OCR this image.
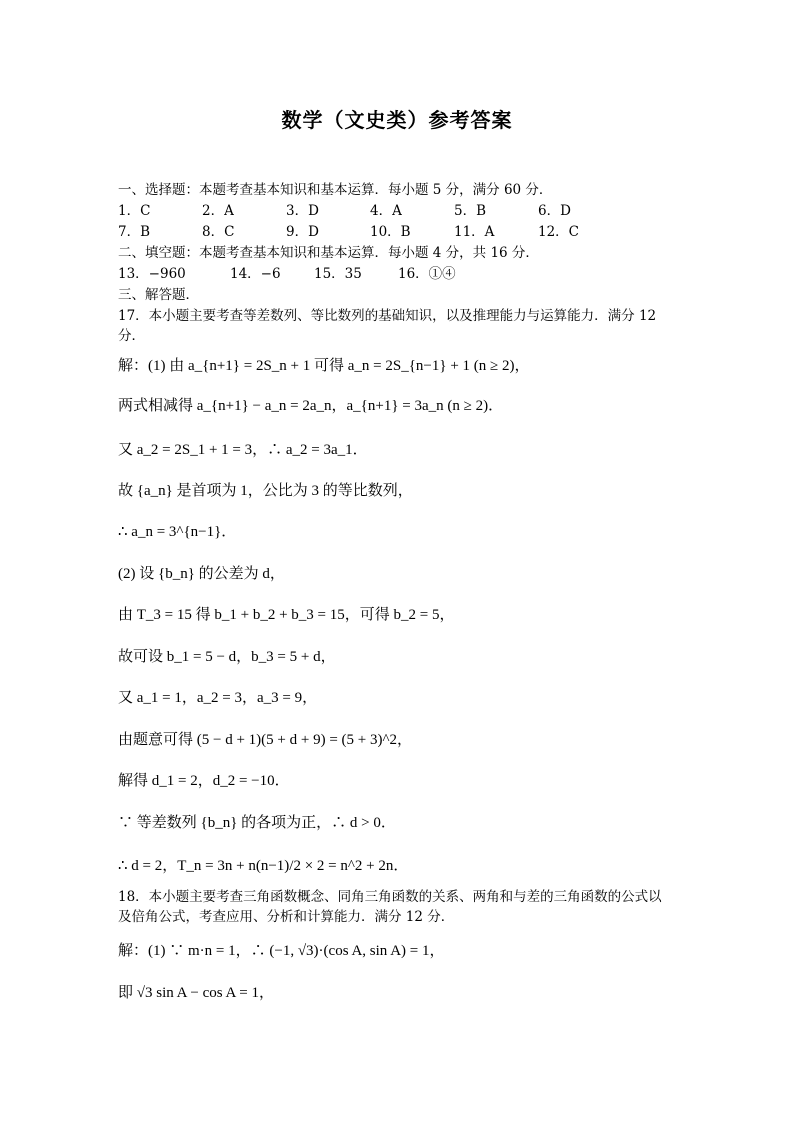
数学（文史类）参考答案
一、选择题：本题考查基本知识和基本运算．每小题 5 分，满分 60 分．
1．C	2．A	3．D	4．A	5．B	6．D
7．B	8．C	9．D	10．B	11．A	12．C
二、填空题：本题考查基本知识和基本运算．每小题 4 分，共 16 分．
13．−960	14．−6 15．35	16．①④
三、解答题．
17．本小题主要考查等差数列、等比数列的基础知识，以及推理能力与运算能力．满分 12
分．
解：(1) 由 a_{n+1} = 2S_n + 1 可得 a_n = 2S_{n−1} + 1 (n ≥ 2)，
两式相减得 a_{n+1} − a_n = 2a_n，a_{n+1} = 3a_n (n ≥ 2)．
又 a_2 = 2S_1 + 1 = 3，∴ a_2 = 3a_1．
故 {a_n} 是首项为 1，公比为 3 的等比数列，
∴ a_n = 3^{n−1}．
(2) 设 {b_n} 的公差为 d，
由 T_3 = 15 得 b_1 + b_2 + b_3 = 15，可得 b_2 = 5，
故可设 b_1 = 5 − d，b_3 = 5 + d，
又 a_1 = 1，a_2 = 3，a_3 = 9，
由题意可得 (5 − d + 1)(5 + d + 9) = (5 + 3)^2，
解得 d_1 = 2，d_2 = −10．
∵ 等差数列 {b_n} 的各项为正，∴ d > 0．
∴ d = 2，T_n = 3n + n(n−1)/2 × 2 = n^2 + 2n．
18．本小题主要考查三角函数概念、同角三角函数的关系、两角和与差的三角函数的公式以
及倍角公式，考查应用、分析和计算能力．满分 12 分．
解：(1) ∵ m·n = 1，∴ (−1, √3)·(cos A, sin A) = 1，
即 √3 sin A − cos A = 1，
